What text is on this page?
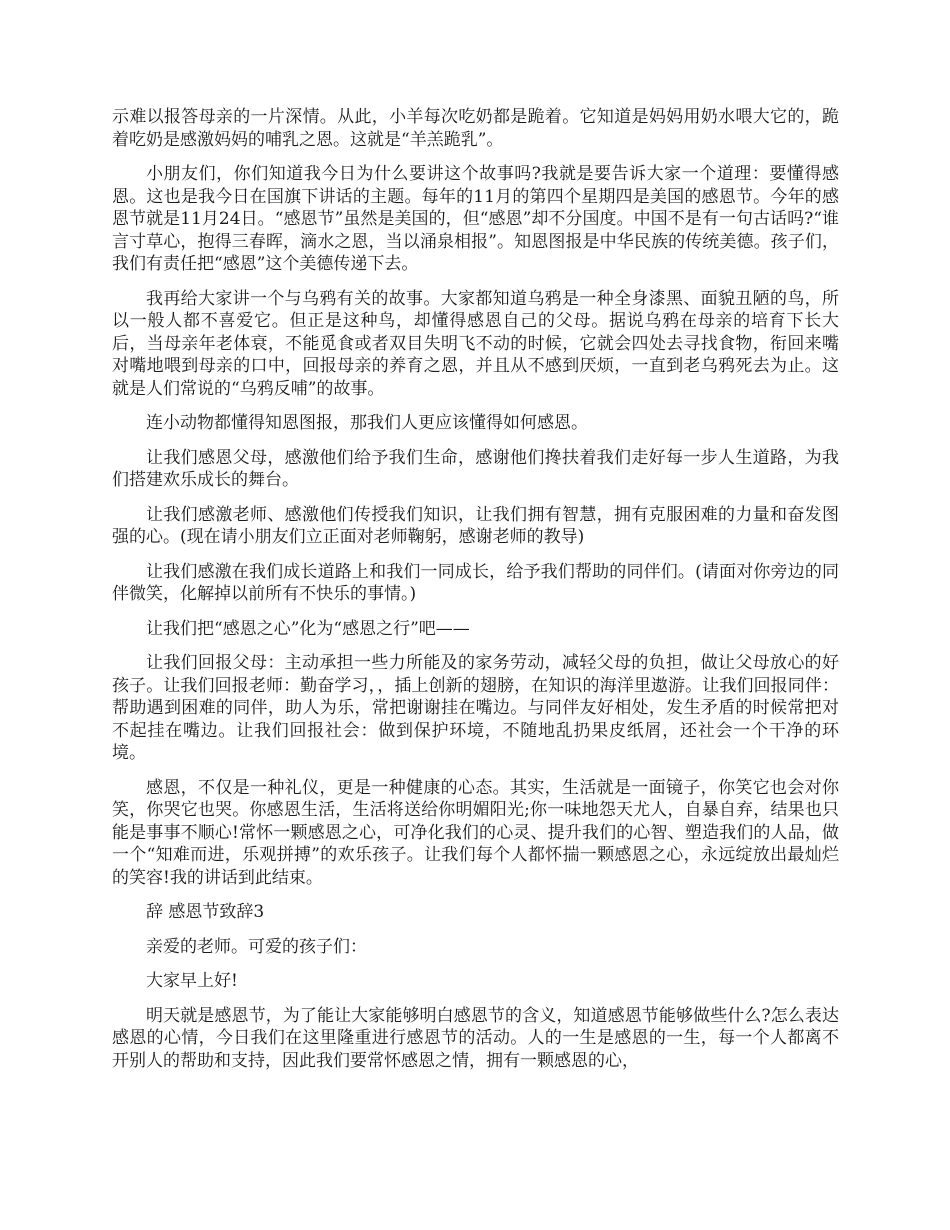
示难以报答母亲的一片深情。从此，小羊每次吃奶都是跪着。它知道是妈妈用奶水喂大它的，跪着吃奶是感激妈妈的哺乳之恩。这就是“羊羔跪乳”。

小朋友们，你们知道我今日为什么要讲这个故事吗?我就是要告诉大家一个道理：要懂得感恩。这也是我今日在国旗下讲话的主题。每年的11月的第四个星期四是美国的感恩节。今年的感恩节就是11月24日。“感恩节”虽然是美国的，但“感恩”却不分国度。中国不是有一句古话吗?“谁言寸草心，抱得三春晖，滴水之恩，当以涌泉相报”。知恩图报是中华民族的传统美德。孩子们，我们有责任把“感恩”这个美德传递下去。

我再给大家讲一个与乌鸦有关的故事。大家都知道乌鸦是一种全身漆黑、面貌丑陋的鸟，所以一般人都不喜爱它。但正是这种鸟，却懂得感恩自己的父母。据说乌鸦在母亲的培育下长大后，当母亲年老体衰，不能觅食或者双目失明飞不动的时候，它就会四处去寻找食物，衔回来嘴对嘴地喂到母亲的口中，回报母亲的养育之恩，并且从不感到厌烦，一直到老乌鸦死去为止。这就是人们常说的“乌鸦反哺”的故事。

连小动物都懂得知恩图报，那我们人更应该懂得如何感恩。

让我们感恩父母，感激他们给予我们生命，感谢他们搀扶着我们走好每一步人生道路，为我们搭建欢乐成长的舞台。

让我们感激老师、感激他们传授我们知识，让我们拥有智慧，拥有克服困难的力量和奋发图强的心。(现在请小朋友们立正面对老师鞠躬，感谢老师的教导)

让我们感激在我们成长道路上和我们一同成长，给予我们帮助的同伴们。(请面对你旁边的同伴微笑，化解掉以前所有不快乐的事情。)

让我们把“感恩之心”化为“感恩之行”吧——

让我们回报父母：主动承担一些力所能及的家务劳动，减轻父母的负担，做让父母放心的好孩子。让我们回报老师：勤奋学习，，插上创新的翅膀，在知识的海洋里遨游。让我们回报同伴：帮助遇到困难的同伴，助人为乐，常把谢谢挂在嘴边。与同伴友好相处，发生矛盾的时候常把对不起挂在嘴边。让我们回报社会：做到保护环境，不随地乱扔果皮纸屑，还社会一个干净的环境。

感恩，不仅是一种礼仪，更是一种健康的心态。其实，生活就是一面镜子，你笑它也会对你笑，你哭它也哭。你感恩生活，生活将送给你明媚阳光;你一味地怨天尤人，自暴自弃，结果也只能是事事不顺心!常怀一颗感恩之心，可净化我们的心灵、提升我们的心智、塑造我们的人品，做一个“知难而进，乐观拼搏”的欢乐孩子。让我们每个人都怀揣一颗感恩之心，永远绽放出最灿烂的笑容!我的讲话到此结束。

辞 感恩节致辞3

亲爱的老师。可爱的孩子们：

大家早上好!

明天就是感恩节，为了能让大家能够明白感恩节的含义，知道感恩节能够做些什么?怎么表达感恩的心情，今日我们在这里隆重进行感恩节的活动。人的一生是感恩的一生，每一个人都离不开别人的帮助和支持，因此我们要常怀感恩之情，拥有一颗感恩的心，
